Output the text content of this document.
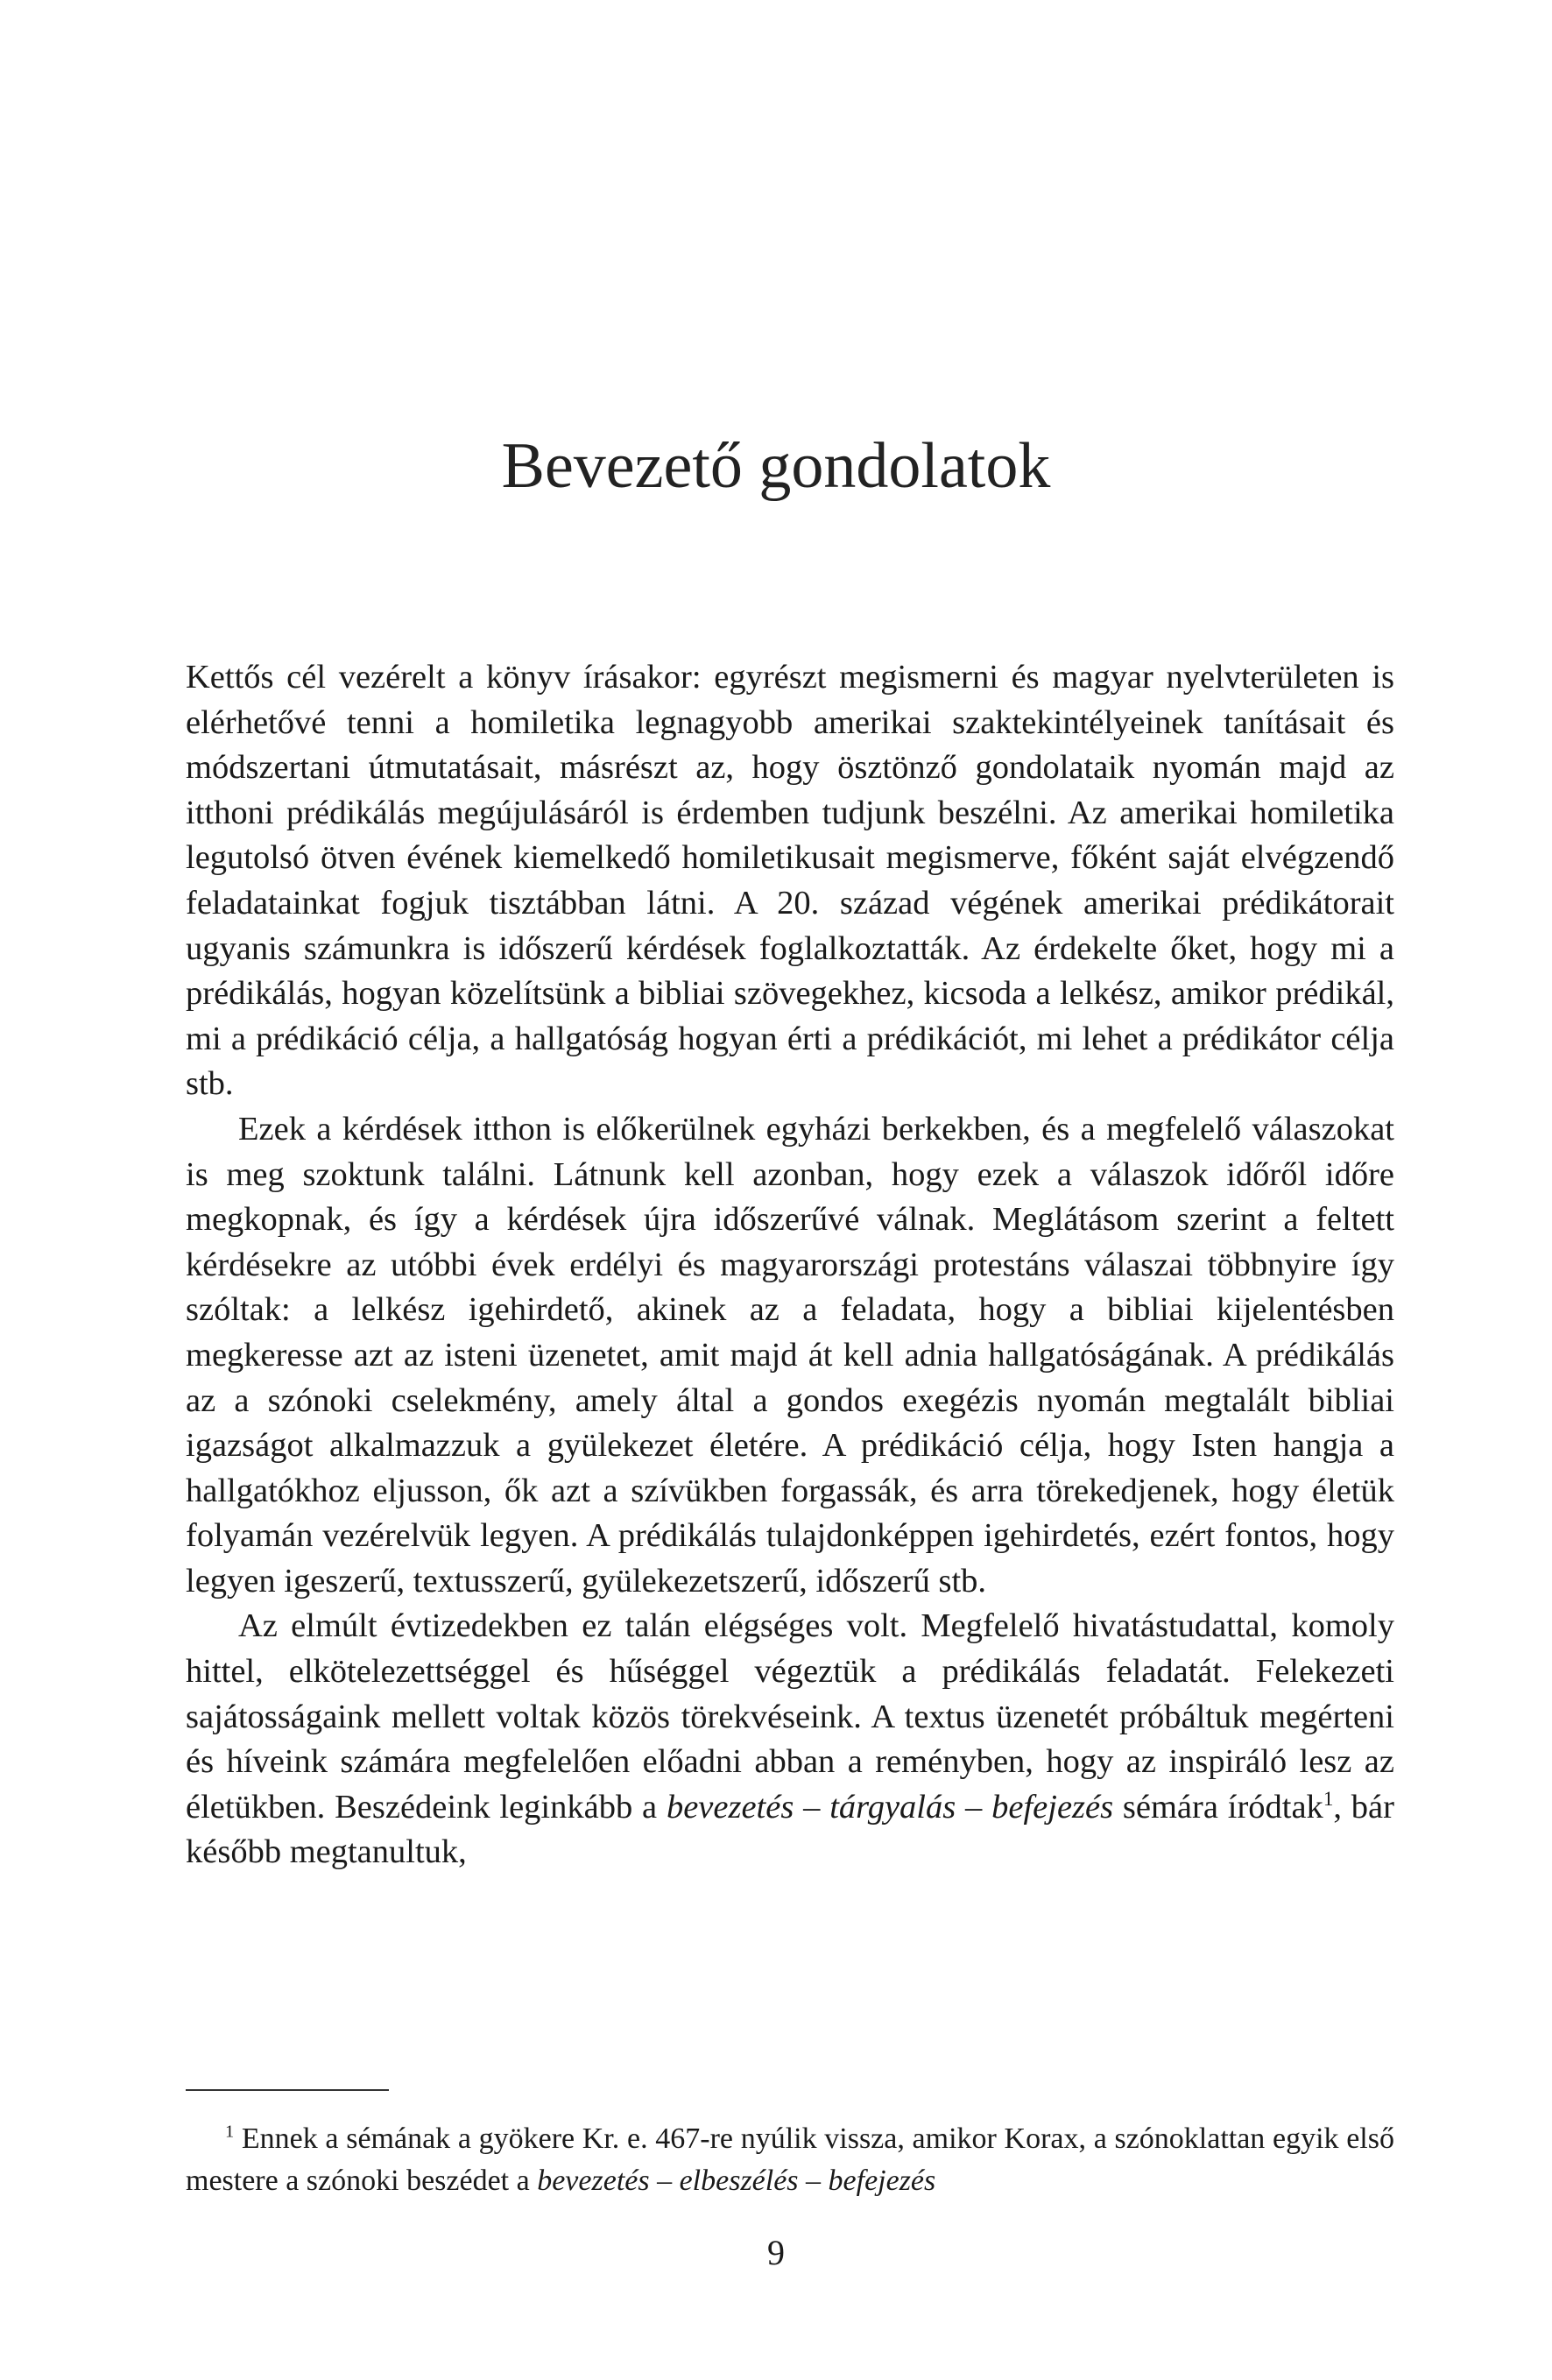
Bevezető gondolatok

Kettős cél vezérelt a könyv írásakor: egyrészt megismerni és magyar nyelvterületen is elérhetővé tenni a homiletika legnagyobb amerikai szaktekintélyeinek tanításait és módszertani útmutatásait, másrészt az, hogy ösztönző gondolataik nyomán majd az itthoni prédikálás megújulásáról is érdemben tudjunk beszélni. Az amerikai homiletika legutolsó ötven évének kiemelkedő homiletikusait megismerve, főként saját elvégzendő feladatainkat fogjuk tisztábban látni. A 20. század végének amerikai prédikátorait ugyanis számunkra is időszerű kérdések foglalkoztatták. Az érdekelte őket, hogy mi a prédikálás, hogyan közelítsünk a bibliai szövegekhez, kicsoda a lelkész, amikor prédikál, mi a prédikáció célja, a hallgatóság hogyan érti a prédikációt, mi lehet a prédikátor célja stb.

Ezek a kérdések itthon is előkerülnek egyházi berkekben, és a megfelelő válaszokat is meg szoktunk találni. Látnunk kell azonban, hogy ezek a válaszok időről időre megkopnak, és így a kérdések újra időszerűvé válnak. Meglátásom szerint a feltett kérdésekre az utóbbi évek erdélyi és magyarországi protestáns válaszai többnyire így szóltak: a lelkész igehirdető, akinek az a feladata, hogy a bibliai kijelentésben megkeresse azt az isteni üzenetet, amit majd át kell adnia hallgatóságának. A prédikálás az a szónoki cselekmény, amely által a gondos exegézis nyomán megtalált bibliai igazságot alkalmazzuk a gyülekezet életére. A prédikáció célja, hogy Isten hangja a hallgatókhoz eljusson, ők azt a szívükben forgassák, és arra törekedjenek, hogy életük folyamán vezérelvük legyen. A prédikálás tulajdonképpen igehirdetés, ezért fontos, hogy legyen igeszerű, textusszerű, gyülekezetszerű, időszerű stb.

Az elmúlt évtizedekben ez talán elégséges volt. Megfelelő hivatástudattal, komoly hittel, elkötelezettséggel és hűséggel végeztük a prédikálás feladatát. Felekezeti sajátosságaink mellett voltak közös törekvéseink. A textus üzenetét próbáltuk megérteni és híveink számára megfelelően előadni abban a reményben, hogy az inspiráló lesz az életükben. Beszédeink leginkább a bevezetés – tárgyalás – befejezés sémára íródtak$^1$, bár később megtanultuk,

$^1$ Ennek a sémának a gyökere Kr. e. 467-re nyúlik vissza, amikor Korax, a szónoklattan egyik első mestere a szónoki beszédet a bevezetés – elbeszélés – befejezés

9
